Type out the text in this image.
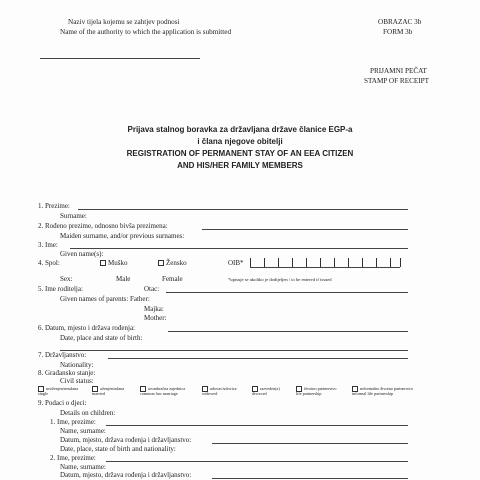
Naziv tijela kojemu se zahtjev podnosi
Name of the authority to which the application is submitted
OBRAZAC 3b
FORM 3b
PRIJAMNI PEČAT
STAMP OF RECEIPT
Prijava stalnog boravka za državljana države članice EGP-a
i člana njegove obitelji
REGISTRATION OF PERMANENT STAY OF AN EEA CITIZEN
AND HIS/HER FAMILY MEMBERS
1. Prezime:
Surname:
2. Rođeno prezime, odnosno bivša prezimena:
Maiden surname, and/or previous surnames:
3. Ime:
Given name(s):
4. Spol:	Muško	Žensko	OIB*
Sex:	Male	Female	*upisuje se ukoliko je dodijeljen / to be entered if issued
5. Ime roditelja:	Otac:
Given names of parents: Father:
Majka:
Mother:
6. Datum, mjesto i država rođenja:
Date, place and state of birth:
7. Državljanstvo:
Nationality:
8. Građansko stanje:
Civil status:
neoženjen/neudana
single
oženjen/udana
married
izvanbračna zajednica
common law marriage
udovac/udovica
widowed
razveden(a)
divorced
životno partnerstvo
life partnership
neformalno životno partnerstvo
informal life partnership
9. Podaci o djeci:
Details on children:
1. Ime, prezime:
Name, surname:
Datum, mjesto, država rođenja i državljanstvo:
Date, place, state of birth and nationality:
2. Ime, prezime:
Name, surname:
Datum, mjesto, država rođenja i državljanstvo:
